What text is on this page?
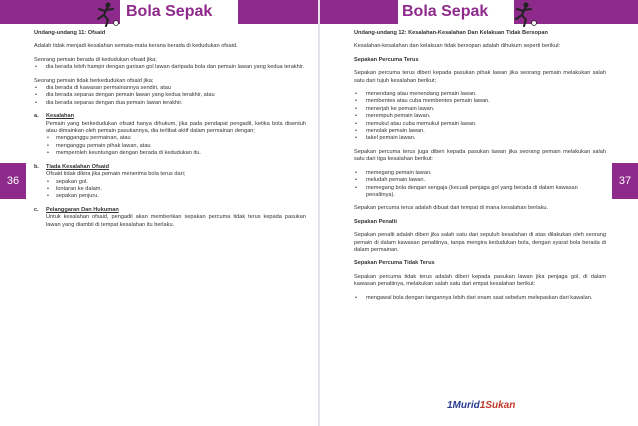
Bola Sepak
36
Undang-undang 11: Ofsaid
Adalah tidak menjadi kesalahan semata-mata kerana berada di kedudukan ofsaid.
Seorang pemain berada di kedudukan ofsaid jika;
• dia berada lebih hampir dengan garisan gol lawan daripada bola dan pemain lawan yang kedua terakhir.
Seorang pemain tidak berkedudukan ofsaid jika;
• dia berada di kawasan permainannya sendiri, atau
• dia berada separas dengan pemain lawan yang kedua terakhir, atau
• dia berada separas dengan dua pemain lawan terakhir.
a. Kesalahan
Pemain yang berkedudukan ofsaid hanya dihukum, jika pada pendapat pengadil, ketika bola disentuh atau dimainkan oleh pemain pasukannya, dia terlibat aktif dalam permainan dengan;
• mengganggu permainan, atau
• menganggu pemain pihak lawan, atau
• memperoleh keuntungan dengan berada di kedudukan itu.
b. Tiada Kesalahan Ofsaid
Ofsaid tidak dikira jika pemain menerima bola terus dari;
• sepakan gol.
• lontaran ke dalam.
• sepakan penjuru.
c. Pelanggaran Dan Hukuman
Untuk kesalahan ofsaid, pengadil akan memberikan sepakan percuma tidak terus kepada pasukan lawan yang diambil di tempat kesalahan itu berlaku.
Bola Sepak
37
Undang-undang 12: Kesalahan-Kesalahan Dan Kelakuan Tidak Bersopan
Kesalahan-kesalahan dan kelakuan tidak bersopan adalah dihukum seperti berikut:
Sepakan Percuma Terus
Sepakan percuma terus diberi kepada pasukan pihak lawan jika seorang pemain melakukan salah satu dari tujuh kesalahan berikut;
• menendang atau menendang pemain lawan.
• membentes atau cuba membentes pemain lawan.
• menerjah ke pemain lawan.
• merempuh pemain lawan.
• memukul atau cuba memukul pemain lawan.
• menolak pemain lawan.
• takel pemain lawan.
Sepakan percuma terus juga diberi kepada pasukan lawan jika seorang pemain melakukan salah satu dari tiga kesalahan berikut:
• memegang pemain lawan.
• meludah pemain lawan.
• memegang bola dengan sengaja (kecuali penjaga gol yang berada di dalam kawasan penaltinya).
Sepakan percuma terus adalah dibuat dari tempat di mana kesalahan berlaku.
Sepakan Penalti
Sepakan penalti adalah diberi jika salah satu dari sepuluh kesalahan di atas dilakukan oleh seorang pemain di dalam kawasan penaltinya, tanpa mengira kedudukan bola, dengan syarat bola berada di dalam permainan.
Sepakan Percuma Tidak Terus
Sepakan percuma tidak terus adalah diberi kepada pasukan lawan jika penjaga gol, di dalam kawasan penaltinya, melakukan salah satu dari empat kesalahan berikut:
• mengawal bola dengan tangannya lebih dari enam saat sebelum melepaskan dari kawalan.
1Murid1Sukan
